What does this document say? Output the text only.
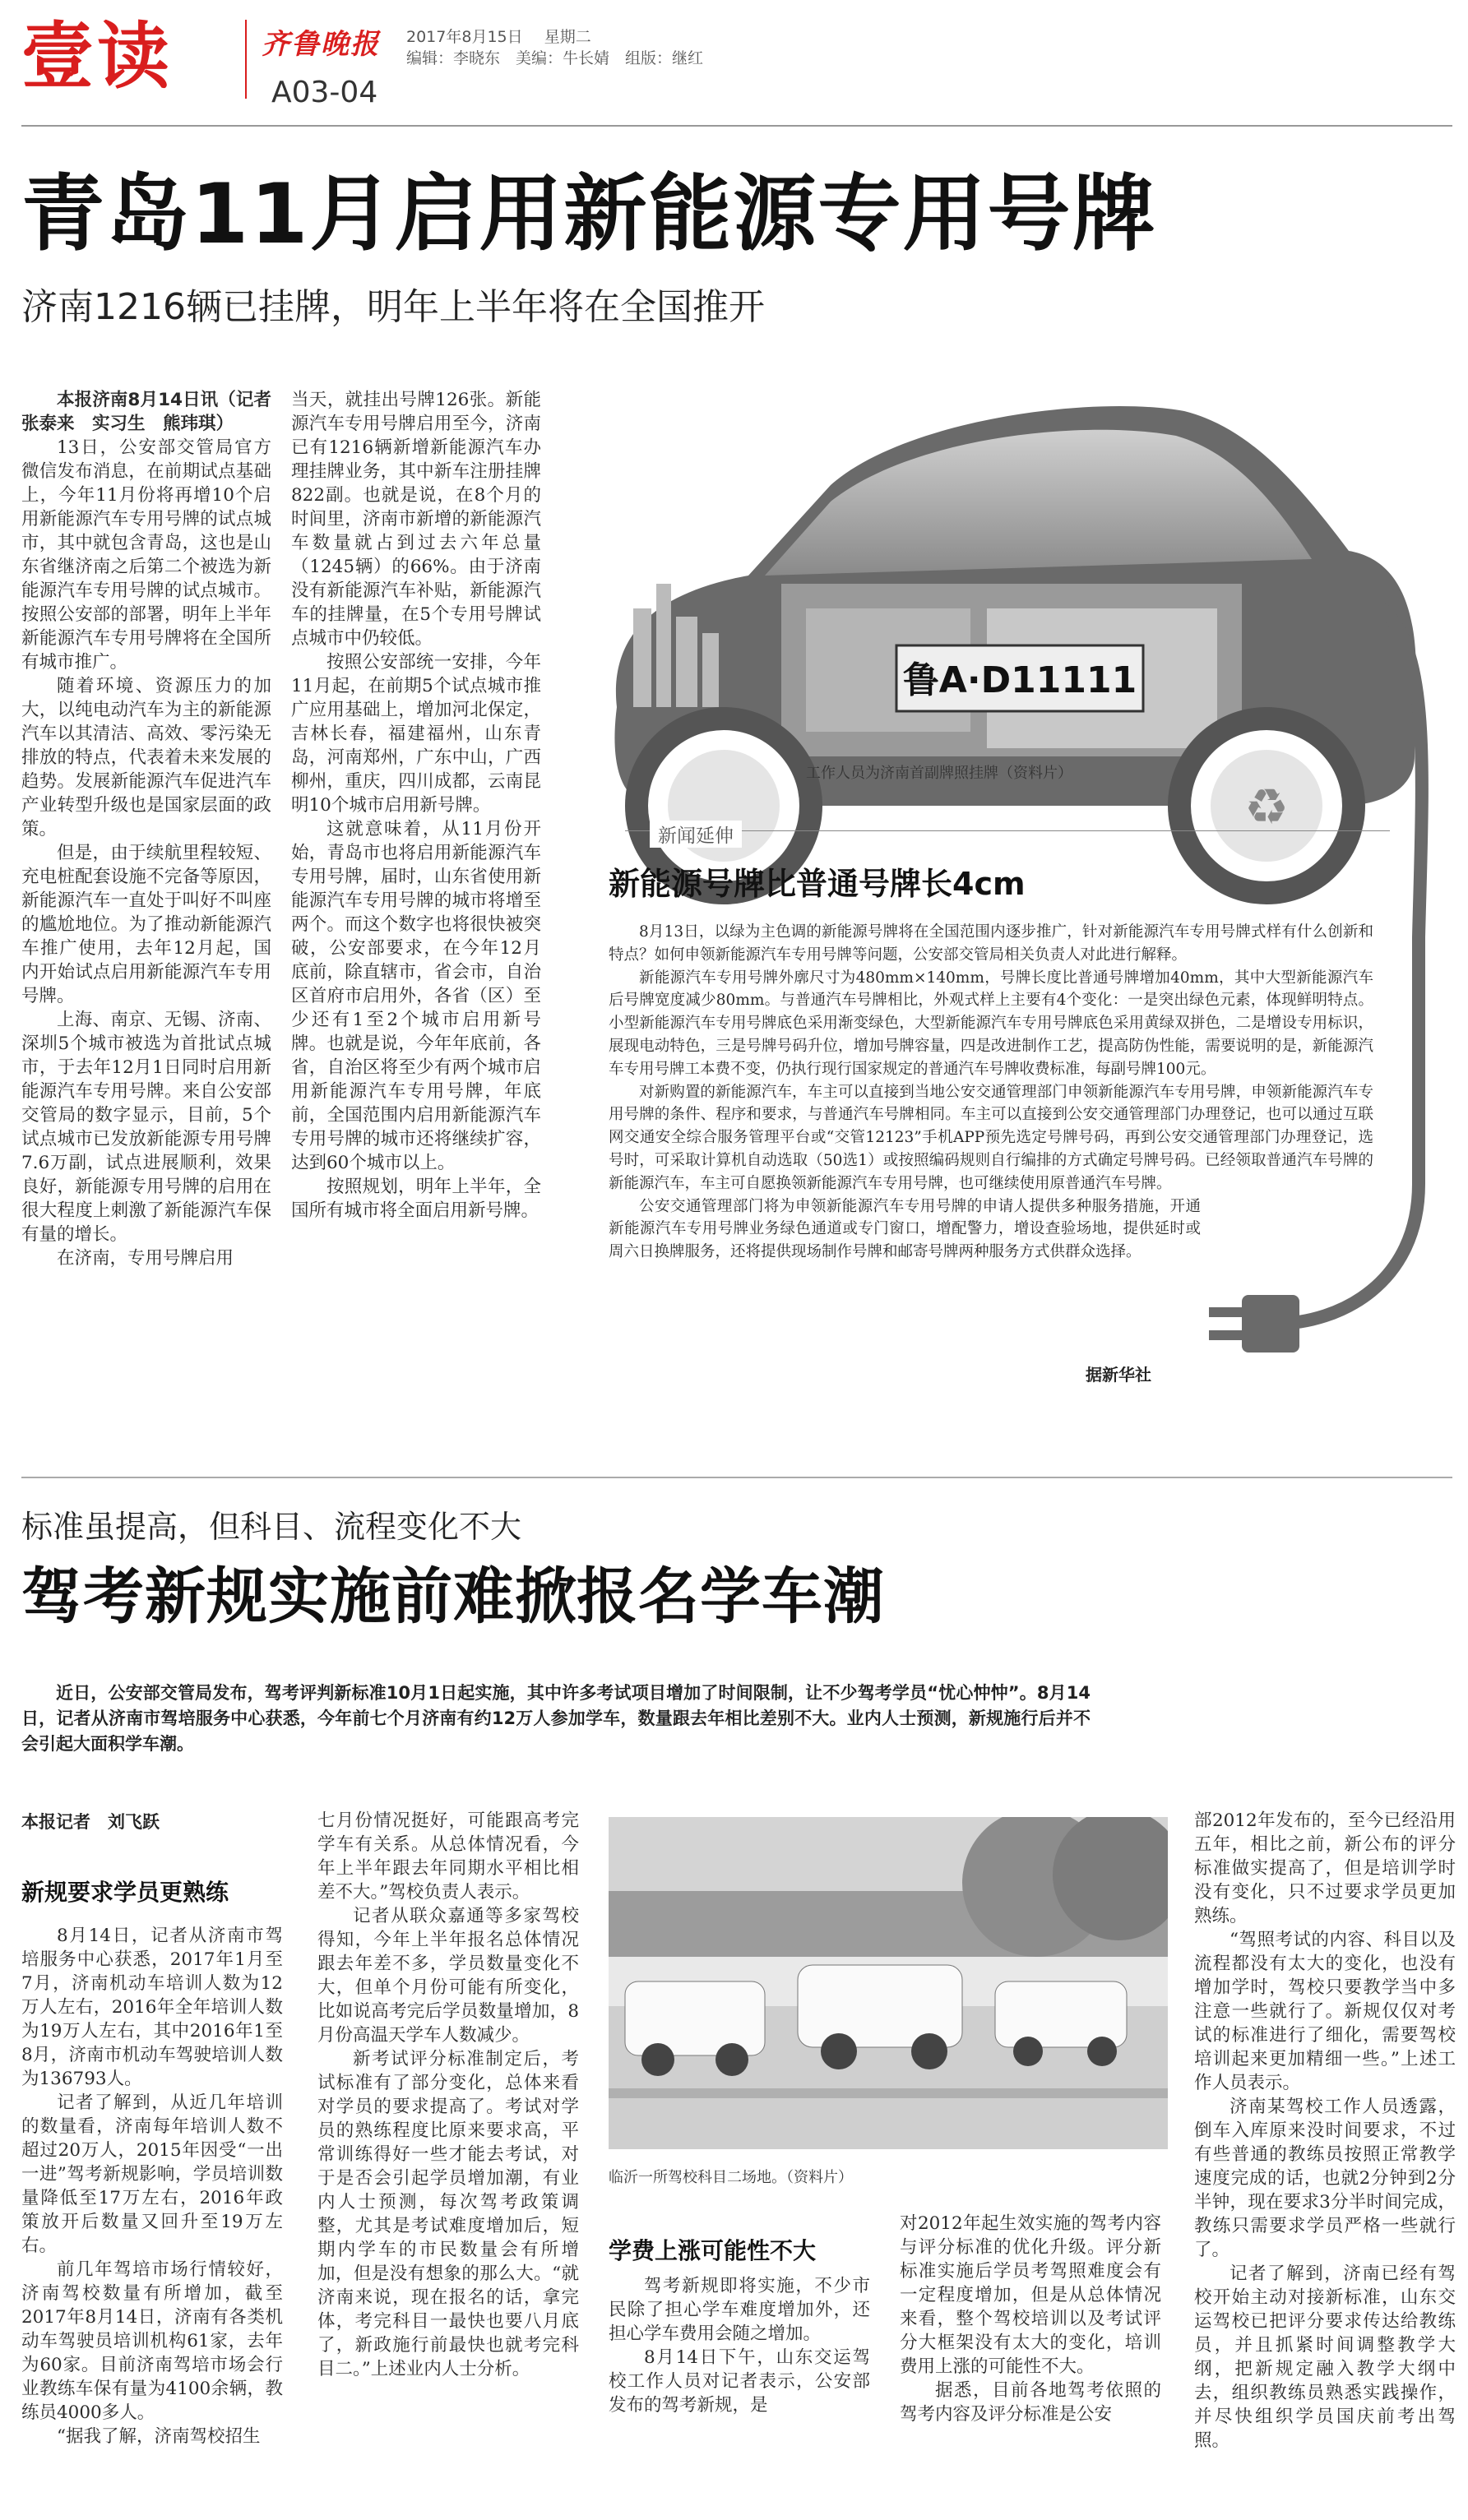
壹读	齐鲁晚报 2017年8月15日 星期二
编辑：李晓东　美编：牛长婧　组版：继红
A03-04
青岛11月启用新能源专用号牌
济南1216辆已挂牌，明年上半年将在全国推开

本报济南8月14日讯（记者　张泰来　实习生　熊玮琪）

13日，公安部交管局官方微信发布消息，在前期试点基础上，今年11月份将再增10个启用新能源汽车专用号牌的试点城市，其中就包含青岛，这也是山东省继济南之后第二个被选为新能源汽车专用号牌的试点城市。按照公安部的部署，明年上半年新能源汽车专用号牌将在全国所有城市推广。

随着环境、资源压力的加大，以纯电动汽车为主的新能源汽车以其清洁、高效、零污染无排放的特点，代表着未来发展的趋势。发展新能源汽车促进汽车产业转型升级也是国家层面的政策。

但是，由于续航里程较短、充电桩配套设施不完备等原因，新能源汽车一直处于叫好不叫座的尴尬地位。为了推动新能源汽车推广使用，去年12月起，国内开始试点启用新能源汽车专用号牌。

上海、南京、无锡、济南、深圳5个城市被选为首批试点城市，于去年12月1日同时启用新能源汽车专用号牌。来自公安部交管局的数字显示，目前，5个试点城市已发放新能源专用号牌7.6万副，试点进展顺利，效果良好，新能源专用号牌的启用在很大程度上刺激了新能源汽车保有量的增长。

在济南，专用号牌启用

当天，就挂出号牌126张。新能源汽车专用号牌启用至今，济南已有1216辆新增新能源汽车办理挂牌业务，其中新车注册挂牌822副。也就是说，在8个月的时间里，济南市新增的新能源汽车数量就占到过去六年总量（1245辆）的66%。由于济南没有新能源汽车补贴，新能源汽车的挂牌量，在5个专用号牌试点城市中仍较低。

按照公安部统一安排，今年11月起，在前期5个试点城市推广应用基础上，增加河北保定，吉林长春，福建福州，山东青岛，河南郑州，广东中山，广西柳州，重庆，四川成都，云南昆明10个城市启用新号牌。

这就意味着，从11月份开始，青岛市也将启用新能源汽车专用号牌，届时，山东省使用新能源汽车专用号牌的城市将增至两个。而这个数字也将很快被突破，公安部要求，在今年12月底前，除直辖市，省会市，自治区首府市启用外，各省（区）至少还有1至2个城市启用新号牌。也就是说，今年年底前，各省，自治区将至少有两个城市启用新能源汽车专用号牌，年底前，全国范围内启用新能源汽车专用号牌的城市还将继续扩容，达到60个城市以上。

按照规划，明年上半年，全国所有城市将全面启用新号牌。

鲁A·D11111
♻
工作人员为济南首副牌照挂牌（资料片）
新闻延伸
新能源号牌比普通号牌长4cm

8月13日，以绿为主色调的新能源号牌将在全国范围内逐步推广，针对新能源汽车专用号牌式样有什么创新和特点？如何申领新能源汽车专用号牌等问题，公安部交管局相关负责人对此进行解释。

新能源汽车专用号牌外廓尺寸为480mm×140mm，号牌长度比普通号牌增加40mm，其中大型新能源汽车后号牌宽度减少80mm。与普通汽车号牌相比，外观式样上主要有4个变化：一是突出绿色元素，体现鲜明特点。小型新能源汽车专用号牌底色采用渐变绿色，大型新能源汽车专用号牌底色采用黄绿双拼色，二是增设专用标识，展现电动特色，三是号牌号码升位，增加号牌容量，四是改进制作工艺，提高防伪性能，需要说明的是，新能源汽车专用号牌工本费不变，仍执行现行国家规定的普通汽车号牌收费标准，每副号牌100元。

对新购置的新能源汽车，车主可以直接到当地公安交通管理部门申领新能源汽车专用号牌，申领新能源汽车专用号牌的条件、程序和要求，与普通汽车号牌相同。车主可以直接到公安交通管理部门办理登记，也可以通过互联网交通安全综合服务管理平台或“交管12123”手机APP预先选定号牌号码，再到公安交通管理部门办理登记，选号时，可采取计算机自动选取（50选1）或按照编码规则自行编排的方式确定号牌号码。已经领取普通汽车号牌的新能源汽车，车主可自愿换领新能源汽车专用号牌，也可继续使用原普通汽车号牌。

公安交通管理部门将为申领新能源汽车专用号牌的申请人提供多种服务措施，开通新能源汽车专用号牌业务绿色通道或专门窗口，增配警力，增设查验场地，提供延时或周六日换牌服务，还将提供现场制作号牌和邮寄号牌两种服务方式供群众选择。

据新华社
标准虽提高，但科目、流程变化不大
驾考新规实施前难掀报名学车潮

近日，公安部交管局发布，驾考评判新标准10月1日起实施，其中许多考试项目增加了时间限制，让不少驾考学员“忧心忡忡”。8月14日，记者从济南市驾培服务中心获悉，今年前七个月济南有约12万人参加学车，数量跟去年相比差别不大。业内人士预测，新规施行后并不会引起大面积学车潮。

本报记者　刘飞跃
新规要求学员更熟练

8月14日，记者从济南市驾培服务中心获悉，2017年1月至7月，济南机动车培训人数为12万人左右，2016年全年培训人数为19万人左右，其中2016年1至8月，济南市机动车驾驶培训人数为136793人。

记者了解到，从近几年培训的数量看，济南每年培训人数不超过20万人，2015年因受“一出一进”驾考新规影响，学员培训数量降低至17万左右，2016年政策放开后数量又回升至19万左右。

前几年驾培市场行情较好，济南驾校数量有所增加，截至2017年8月14日，济南有各类机动车驾驶员培训机构61家，去年为60家。目前济南驾培市场会行业教练车保有量为4100余辆，教练员4000多人。

“据我了解，济南驾校招生

七月份情况挺好，可能跟高考完学车有关系。从总体情况看，今年上半年跟去年同期水平相比相差不大。”驾校负责人表示。

记者从联众嘉通等多家驾校得知，今年上半年报名总体情况跟去年差不多，学员数量变化不大，但单个月份可能有所变化，比如说高考完后学员数量增加，8月份高温天学车人数减少。

新考试评分标准制定后，考试标准有了部分变化，总体来看对学员的要求提高了。考试对学员的熟练程度比原来要求高，平常训练得好一些才能去考试，对于是否会引起学员增加潮，有业内人士预测，每次驾考政策调整，尤其是考试难度增加后，短期内学车的市民数量会有所增加，但是没有想象的那么大。“就济南来说，现在报名的话，拿完体，考完科目一最快也要八月底了，新政施行前最快也就考完科目二。”上述业内人士分析。

临沂一所驾校科目二场地。（资料片）
学费上涨可能性不大

驾考新规即将实施，不少市民除了担心学车难度增加外，还担心学车费用会随之增加。

8月14日下午，山东交运驾校工作人员对记者表示，公安部发布的驾考新规，是

对2012年起生效实施的驾考内容与评分标准的优化升级。评分新标准实施后学员考驾照难度会有一定程度增加，但是从总体情况来看，整个驾校培训以及考试评分大框架没有太大的变化，培训费用上涨的可能性不大。

据悉，目前各地驾考依照的驾考内容及评分标准是公安

部2012年发布的，至今已经沿用五年，相比之前，新公布的评分标准做实提高了，但是培训学时没有变化，只不过要求学员更加熟练。

“驾照考试的内容、科目以及流程都没有太大的变化，也没有增加学时，驾校只要教学当中多注意一些就行了。新规仅仅对考试的标准进行了细化，需要驾校培训起来更加精细一些。”上述工作人员表示。

济南某驾校工作人员透露，倒车入库原来没时间要求，不过有些普通的教练员按照正常教学速度完成的话，也就2分钟到2分半钟，现在要求3分半时间完成，教练只需要求学员严格一些就行了。

记者了解到，济南已经有驾校开始主动对接新标准，山东交运驾校已把评分要求传达给教练员，并且抓紧时间调整教学大纲，把新规定融入教学大纲中去，组织教练员熟悉实践操作，并尽快组织学员国庆前考出驾照。
